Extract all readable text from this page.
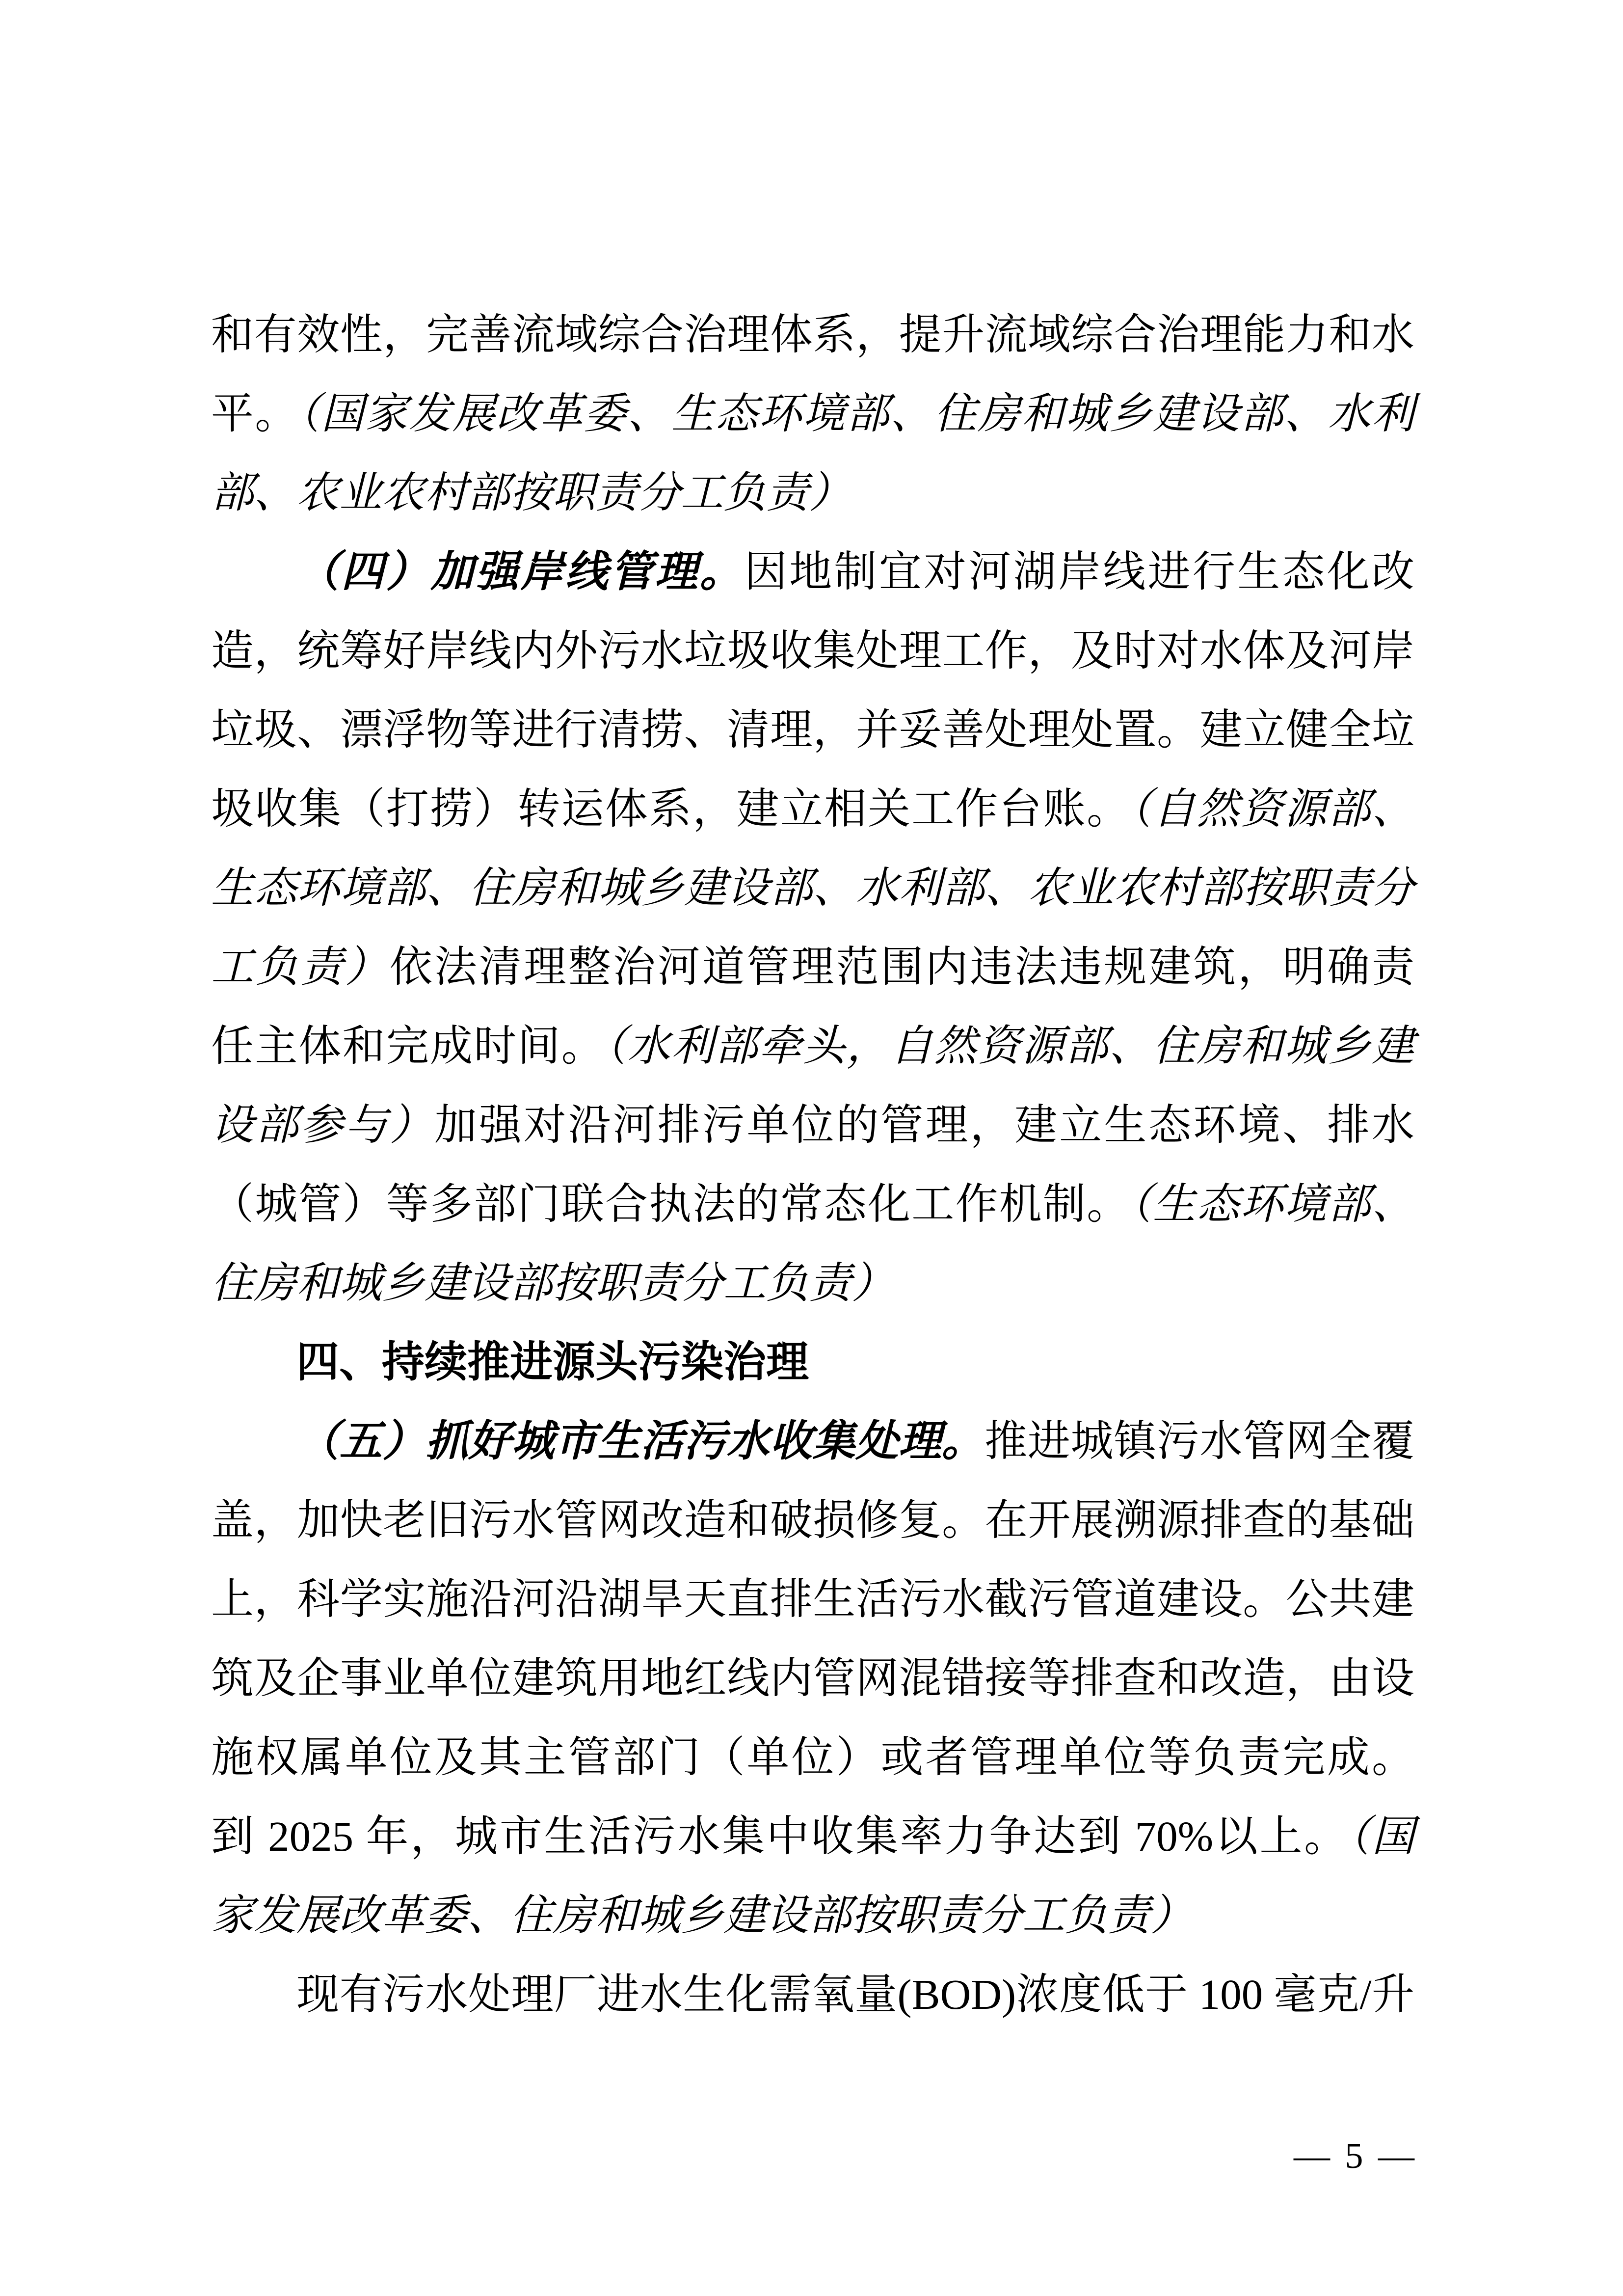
和有效性，完善流域综合治理体系，提升流域综合治理能力和水
平。（国家发展改革委、生态环境部、住房和城乡建设部、水利
部、农业农村部按职责分工负责）
（四）加强岸线管理。因地制宜对河湖岸线进行生态化改
造，统筹好岸线内外污水垃圾收集处理工作，及时对水体及河岸
垃圾、漂浮物等进行清捞、清理，并妥善处理处置。建立健全垃
圾收集（打捞）转运体系，建立相关工作台账。（自然资源部、
生态环境部、住房和城乡建设部、水利部、农业农村部按职责分
工负责）依法清理整治河道管理范围内违法违规建筑，明确责
任主体和完成时间。（水利部牵头，自然资源部、住房和城乡建
设部参与）加强对沿河排污单位的管理，建立生态环境、排水
（城管）等多部门联合执法的常态化工作机制。（生态环境部、
住房和城乡建设部按职责分工负责）
四、持续推进源头污染治理
（五）抓好城市生活污水收集处理。推进城镇污水管网全覆
盖，加快老旧污水管网改造和破损修复。在开展溯源排查的基础
上，科学实施沿河沿湖旱天直排生活污水截污管道建设。公共建
筑及企事业单位建筑用地红线内管网混错接等排查和改造，由设
施权属单位及其主管部门（单位）或者管理单位等负责完成。
到 2025 年，城市生活污水集中收集率力争达到 70%以上。（国
家发展改革委、住房和城乡建设部按职责分工负责）
现有污水处理厂进水生化需氧量(BOD)浓度低于 100 毫克/升
— 5 —
